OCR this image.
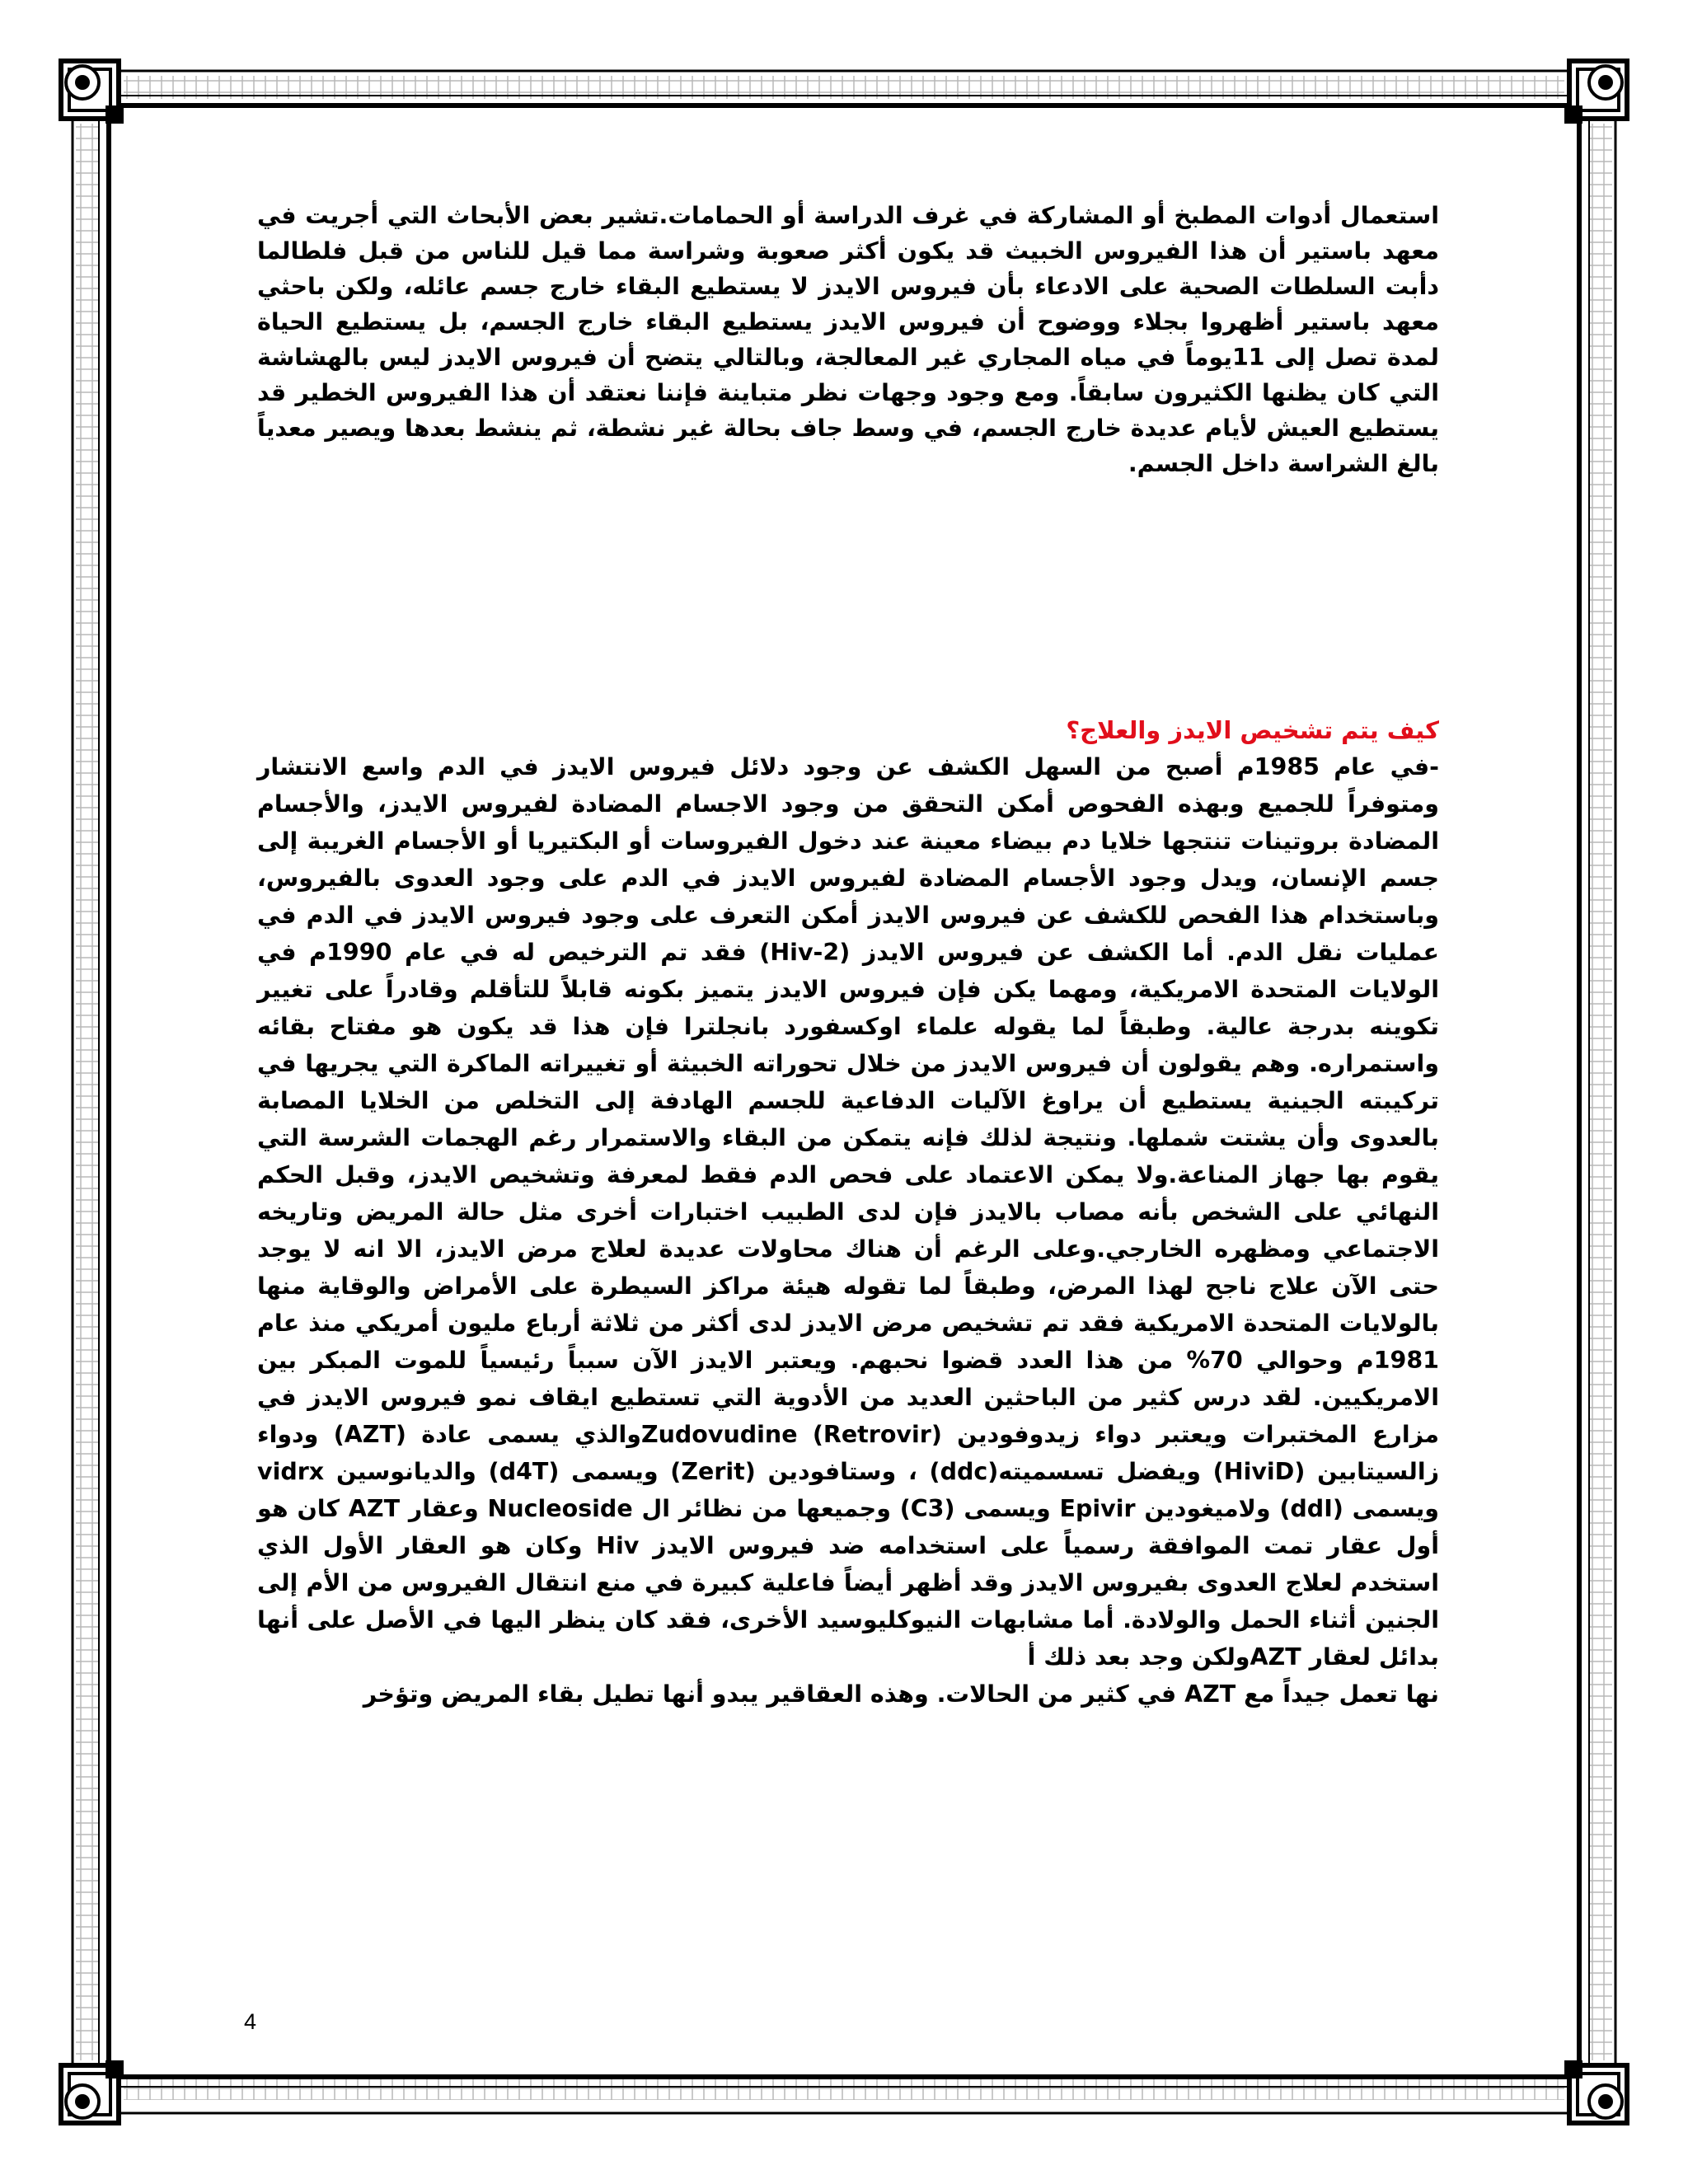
استعمال أدوات المطبخ أو المشاركة في غرف الدراسة أو الحمامات.تشير بعض الأبحاث التي أجريت في معهد باستير أن هذا الفيروس الخبيث قد يكون أكثر صعوبة وشراسة مما قيل للناس من قبل فلطالما دأبت السلطات الصحية على الادعاء بأن فيروس الايدز لا يستطيع البقاء خارج جسم عائله، ولكن باحثي معهد باستير أظهروا بجلاء ووضوح أن فيروس الايدز يستطيع البقاء خارج الجسم، بل يستطيع الحياة لمدة تصل إلى 11يوماً في مياه المجاري غير المعالجة، وبالتالي يتضح أن فيروس الايدز ليس بالهشاشة التي كان يظنها الكثيرون سابقاً. ومع وجود وجهات نظر متباينة فإننا نعتقد أن هذا الفيروس الخطير قد يستطيع العيش لأيام عديدة خارج الجسم، في وسط جاف بحالة غير نشطة، ثم ينشط بعدها ويصير معدياً بالغ الشراسة داخل الجسم.

كيف يتم تشخيص الايدز والعلاج؟

-في عام 1985م أصبح من السهل الكشف عن وجود دلائل فيروس الايدز في الدم واسع الانتشار ومتوفراً للجميع وبهذه الفحوص أمكن التحقق من وجود الاجسام المضادة لفيروس الايدز، والأجسام المضادة بروتينات تنتجها خلايا دم بيضاء معينة عند دخول الفيروسات أو البكتيريا أو الأجسام الغريبة إلى جسم الإنسان، ويدل وجود الأجسام المضادة لفيروس الايدز في الدم على وجود العدوى بالفيروس، وباستخدام هذا الفحص للكشف عن فيروس الايدز أمكن التعرف على وجود فيروس الايدز في الدم في عمليات نقل الدم. أما الكشف عن فيروس الايدز (Hiv-2) فقد تم الترخيص له في عام 1990م في الولايات المتحدة الامريكية، ومهما يكن فإن فيروس الايدز يتميز بكونه قابلاً للتأقلم وقادراً على تغيير تكوينه بدرجة عالية. وطبقاً لما يقوله علماء اوكسفورد بانجلترا فإن هذا قد يكون هو مفتاح بقائه واستمراره. وهم يقولون أن فيروس الايدز من خلال تحوراته الخبيثة أو تغييراته الماكرة التي يجريها في تركيبته الجينية يستطيع أن يراوغ الآليات الدفاعية للجسم الهادفة إلى التخلص من الخلايا المصابة بالعدوى وأن يشتت شملها. ونتيجة لذلك فإنه يتمكن من البقاء والاستمرار رغم الهجمات الشرسة التي يقوم بها جهاز المناعة.ولا يمكن الاعتماد على فحص الدم فقط لمعرفة وتشخيص الايدز، وقبل الحكم النهائي على الشخص بأنه مصاب بالايدز فإن لدى الطبيب اختبارات أخرى مثل حالة المريض وتاريخه الاجتماعي ومظهره الخارجي.وعلى الرغم أن هناك محاولات عديدة لعلاج مرض الايدز، الا انه لا يوجد حتى الآن علاج ناجح لهذا المرض، وطبقاً لما تقوله هيئة مراكز السيطرة على الأمراض والوقاية منها بالولايات المتحدة الامريكية فقد تم تشخيص مرض الايدز لدى أكثر من ثلاثة أرباع مليون أمريكي منذ عام 1981م وحوالي 70% من هذا العدد قضوا نحبهم. ويعتبر الايدز الآن سبباً رئيسياً للموت المبكر بين الامريكيين. لقد درس كثير من الباحثين العديد من الأدوية التي تستطيع ايقاف نمو فيروس الايدز في مزارع المختبرات ويعتبر دواء زيدوفودين Zudovudine (Retrovir)والذي يسمى عادة (AZT) ودواء زالسيتابين (HiviD) ويفضل تسسميته(ddc) ، وستافودين (Zerit) ويسمى (d4T) والديانوسين vidrx ويسمى (ddI) ولاميغودين Epivir ويسمى (C3) وجميعها من نظائر ال Nucleoside وعقار AZT كان هو أول عقار تمت الموافقة رسمياً على استخدامه ضد فيروس الايدز Hiv وكان هو العقار الأول الذي استخدم لعلاج العدوى بفيروس الايدز وقد أظهر أيضاً فاعلية كبيرة في منع انتقال الفيروس من الأم إلى الجنين أثناء الحمل والولادة. أما مشابهات النيوكليوسيد الأخرى، فقد كان ينظر اليها في الأصل على أنها بدائل لعقار AZTولكن وجد بعد ذلك أ

نها تعمل جيداً مع AZT في كثير من الحالات. وهذه العقاقير يبدو أنها تطيل بقاء المريض وتؤخر

4
